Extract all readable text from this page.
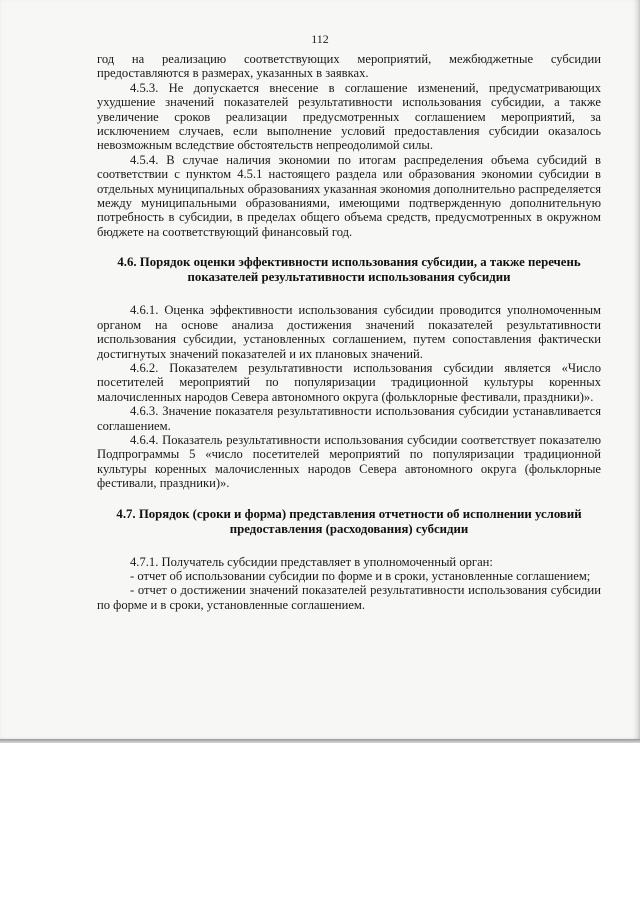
112

год на реализацию соответствующих мероприятий, межбюджетные субсидии предоставляются в размерах, указанных в заявках.

4.5.3. Не допускается внесение в соглашение изменений, предусматривающих ухудшение значений показателей результативности использования субсидии, а также увеличение сроков реализации предусмотренных соглашением мероприятий, за исключением случаев, если выполнение условий предоставления субсидии оказалось невозможным вследствие обстоятельств непреодолимой силы.

4.5.4. В случае наличия экономии по итогам распределения объема субсидий в соответствии с пунктом 4.5.1 настоящего раздела или образования экономии субсидии в отдельных муниципальных образованиях указанная экономия дополнительно распределяется между муниципальными образованиями, имеющими подтвержденную дополнительную потребность в субсидии, в пределах общего объема средств, предусмотренных в окружном бюджете на соответствующий финансовый год.

4.6. Порядок оценки эффективности использования субсидии, а также перечень показателей результативности использования субсидии

4.6.1. Оценка эффективности использования субсидии проводится уполномоченным органом на основе анализа достижения значений показателей результативности использования субсидии, установленных соглашением, путем сопоставления фактически достигнутых значений показателей и их плановых значений.

4.6.2. Показателем результативности использования субсидии является «Число посетителей мероприятий по популяризации традиционной культуры коренных малочисленных народов Севера автономного округа (фольклорные фестивали, праздники)».

4.6.3. Значение показателя результативности использования субсидии устанавливается соглашением.

4.6.4. Показатель результативности использования субсидии соответствует показателю Подпрограммы 5 «число посетителей мероприятий по популяризации традиционной культуры коренных малочисленных народов Севера автономного округа (фольклорные фестивали, праздники)».

4.7. Порядок (сроки и форма) представления отчетности об исполнении условий предоставления (расходования) субсидии

4.7.1. Получатель субсидии представляет в уполномоченный орган:

- отчет об использовании субсидии по форме и в сроки, установленные соглашением;

- отчет о достижении значений показателей результативности использования субсидии по форме и в сроки, установленные соглашением.
